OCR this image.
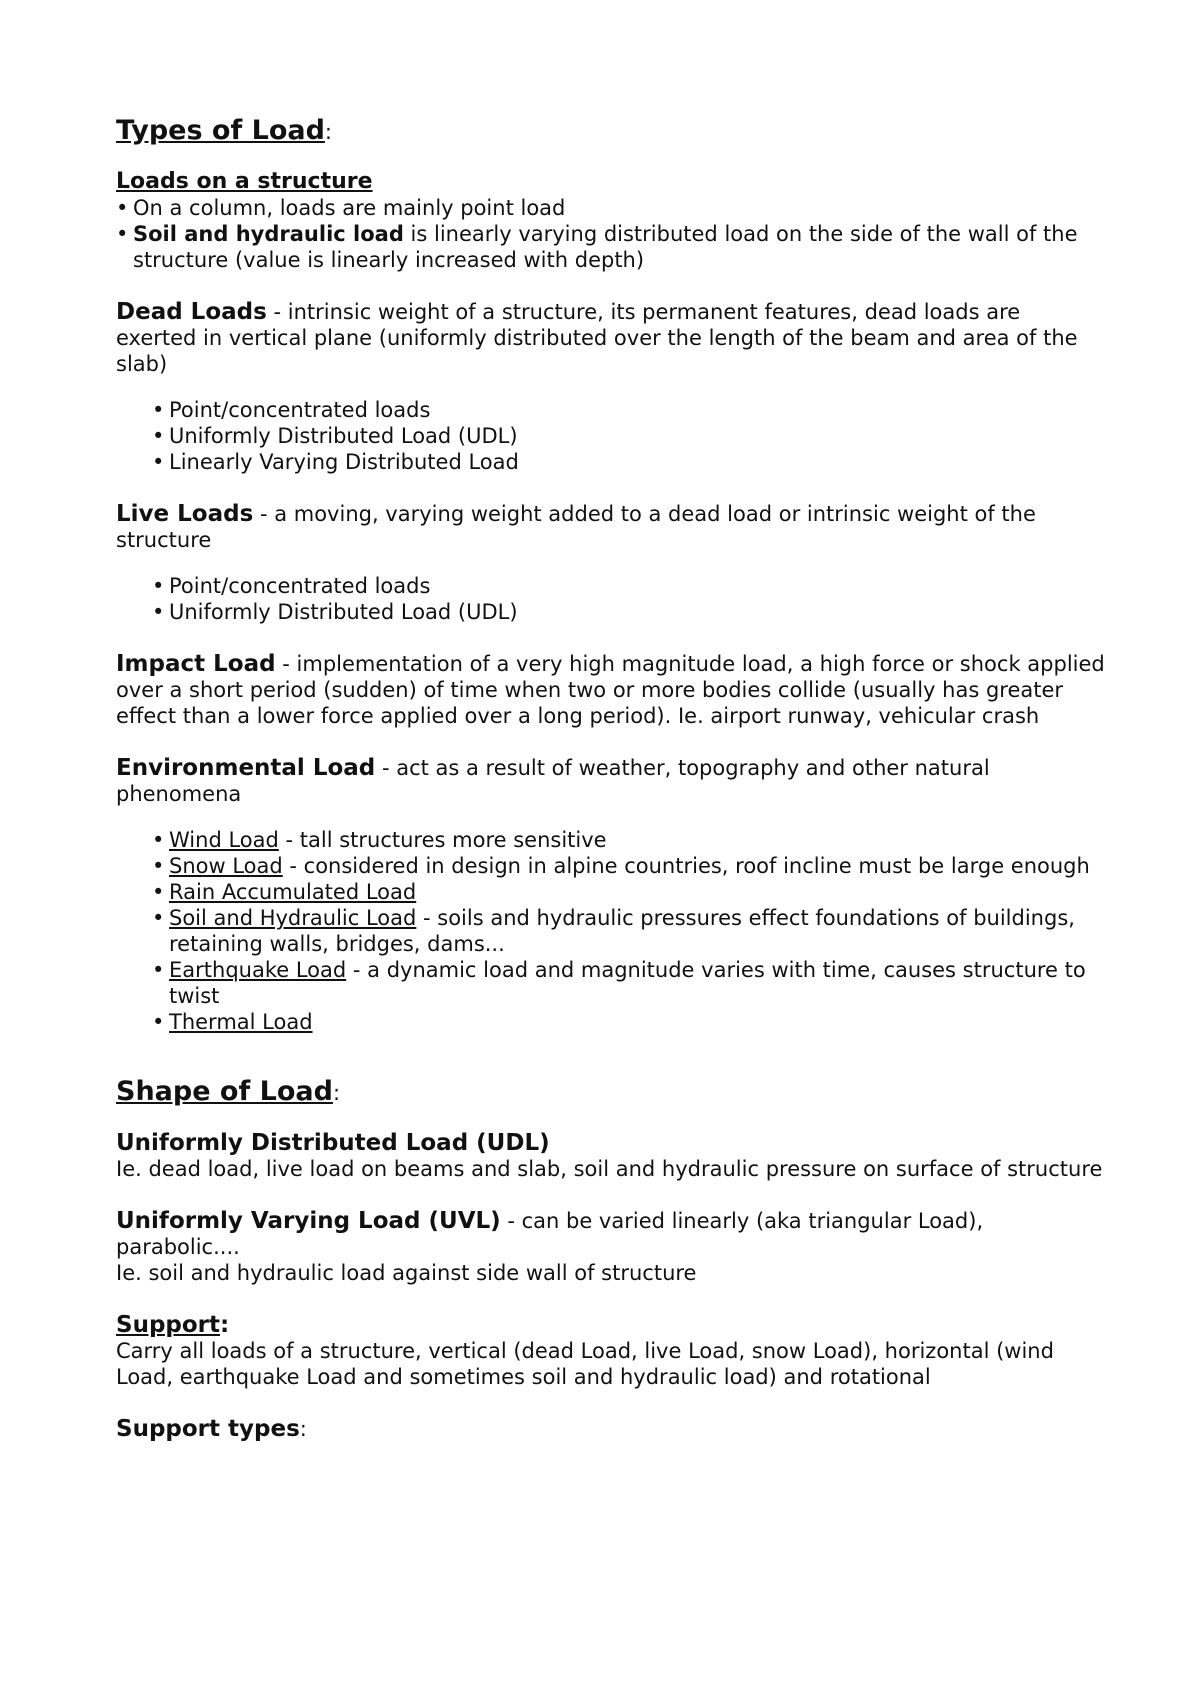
Types of Load:

Loads on a structure

• On a column, loads are mainly point load
• Soil and hydraulic load is linearly varying distributed load on the side of the wall of the structure (value is linearly increased with depth)

Dead Loads - intrinsic weight of a structure, its permanent features, dead loads are exerted in vertical plane (uniformly distributed over the length of the beam and area of the slab)

• Point/concentrated loads
• Uniformly Distributed Load (UDL)
• Linearly Varying Distributed Load

Live Loads - a moving, varying weight added to a dead load or intrinsic weight of the structure

• Point/concentrated loads
• Uniformly Distributed Load (UDL)

Impact Load - implementation of a very high magnitude load, a high force or shock applied over a short period (sudden) of time when two or more bodies collide (usually has greater effect than a lower force applied over a long period). Ie. airport runway, vehicular crash

Environmental Load - act as a result of weather, topography and other natural phenomena

• Wind Load - tall structures more sensitive
• Snow Load - considered in design in alpine countries, roof incline must be large enough
• Rain Accumulated Load
• Soil and Hydraulic Load - soils and hydraulic pressures effect foundations of buildings, retaining walls, bridges, dams...
• Earthquake Load - a dynamic load and magnitude varies with time, causes structure to twist
• Thermal Load

Shape of Load:

Uniformly Distributed Load (UDL)

Ie. dead load, live load on beams and slab, soil and hydraulic pressure on surface of structure

Uniformly Varying Load (UVL) - can be varied linearly (aka triangular Load), parabolic....

Ie. soil and hydraulic load against side wall of structure

Support:

Carry all loads of a structure, vertical (dead Load, live Load, snow Load), horizontal (wind Load, earthquake Load and sometimes soil and hydraulic load) and rotational

Support types:
